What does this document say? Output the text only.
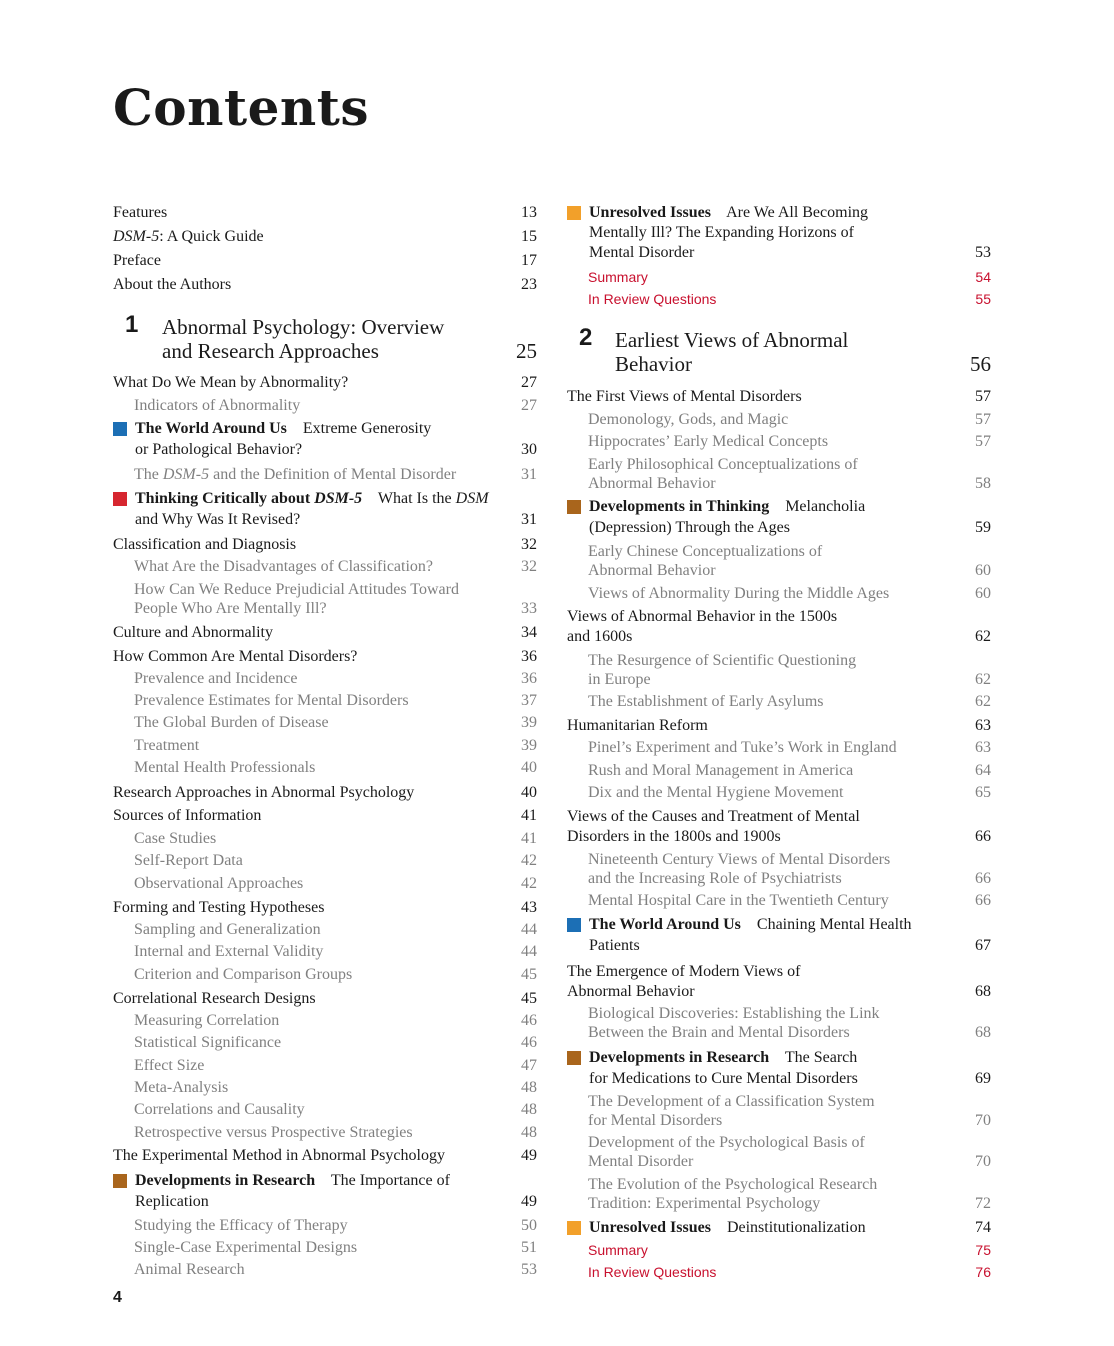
Contents
Features	13
DSM-5: A Quick Guide	15
Preface	17
About the Authors	23
1 Abnormal Psychology: Overview
and Research Approaches	25
What Do We Mean by Abnormality?	27
Indicators of Abnormality	27
The World Around Us Extreme Generosity
or Pathological Behavior?	30
The DSM-5 and the Definition of Mental Disorder	31
Thinking Critically about DSM-5 What Is the DSM
and Why Was It Revised?	31
Classification and Diagnosis	32
What Are the Disadvantages of Classification?	32
How Can We Reduce Prejudicial Attitudes Toward
People Who Are Mentally Ill?	33
Culture and Abnormality	34
How Common Are Mental Disorders?	36
Prevalence and Incidence	36
Prevalence Estimates for Mental Disorders	37
The Global Burden of Disease	39
Treatment	39
Mental Health Professionals	40
Research Approaches in Abnormal Psychology	40
Sources of Information	41
Case Studies	41
Self-Report Data	42
Observational Approaches	42
Forming and Testing Hypotheses	43
Sampling and Generalization	44
Internal and External Validity	44
Criterion and Comparison Groups	45
Correlational Research Designs	45
Measuring Correlation	46
Statistical Significance	46
Effect Size	47
Meta-Analysis	48
Correlations and Causality	48
Retrospective versus Prospective Strategies	48
The Experimental Method in Abnormal Psychology	49
Developments in Research The Importance of
Replication	49
Studying the Efficacy of Therapy	50
Single-Case Experimental Designs	51
Animal Research	53
Unresolved Issues Are We All Becoming
Mentally Ill? The Expanding Horizons of
Mental Disorder	53
Summary	54
In Review Questions	55
2 Earliest Views of Abnormal
Behavior	56
The First Views of Mental Disorders	57
Demonology, Gods, and Magic	57
Hippocrates’ Early Medical Concepts	57
Early Philosophical Conceptualizations of
Abnormal Behavior	58
Developments in Thinking Melancholia
(Depression) Through the Ages	59
Early Chinese Conceptualizations of
Abnormal Behavior	60
Views of Abnormality During the Middle Ages	60
Views of Abnormal Behavior in the 1500s
and 1600s	62
The Resurgence of Scientific Questioning
in Europe	62
The Establishment of Early Asylums	62
Humanitarian Reform	63
Pinel’s Experiment and Tuke’s Work in England	63
Rush and Moral Management in America	64
Dix and the Mental Hygiene Movement	65
Views of the Causes and Treatment of Mental
Disorders in the 1800s and 1900s	66
Nineteenth Century Views of Mental Disorders
and the Increasing Role of Psychiatrists	66
Mental Hospital Care in the Twentieth Century	66
The World Around Us Chaining Mental Health
Patients	67
The Emergence of Modern Views of
Abnormal Behavior	68
Biological Discoveries: Establishing the Link
Between the Brain and Mental Disorders	68
Developments in Research The Search
for Medications to Cure Mental Disorders	69
The Development of a Classification System
for Mental Disorders	70
Development of the Psychological Basis of
Mental Disorder	70
The Evolution of the Psychological Research
Tradition: Experimental Psychology	72
Unresolved Issues Deinstitutionalization	74
Summary	75
In Review Questions	76
4
